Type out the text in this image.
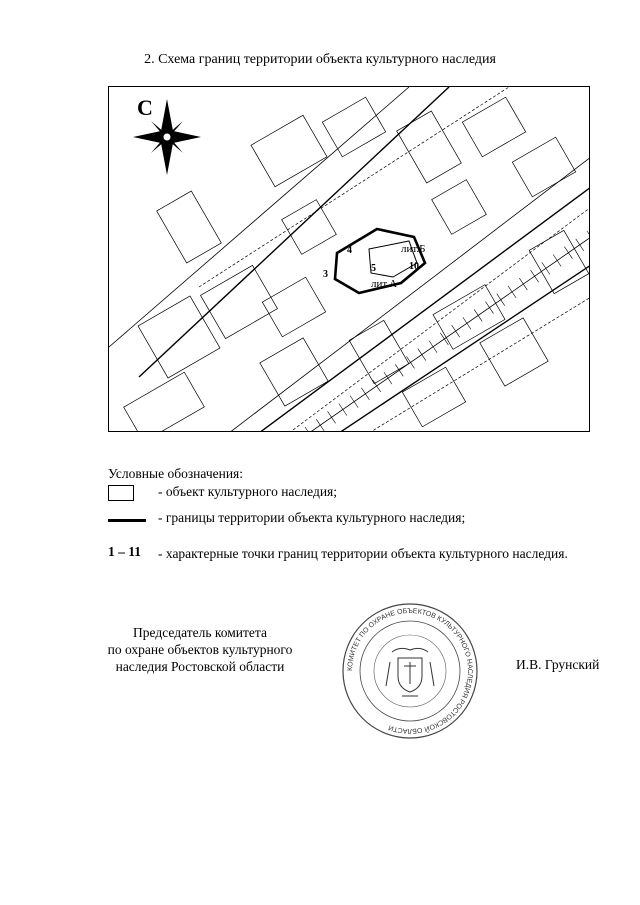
2. Схема границ территории объекта культурного наследия
С
лит.Б
лит.А
4
3
5	10
Условные обозначения:
- объект культурного наследия;
- границы территории объекта культурного наследия;
1 – 11 - характерные точки границ территории объекта культурного наследия.
Председатель комитета
по охране объектов культурного
наследия Ростовской области	КОМИТЕТ ПО ОХРАНЕ ОБЪЕКТОВ КУЛЬТУРНОГО НАСЛЕДИЯ РОСТОВСКОЙ ОБЛАСТИ
И.В. Грунский
